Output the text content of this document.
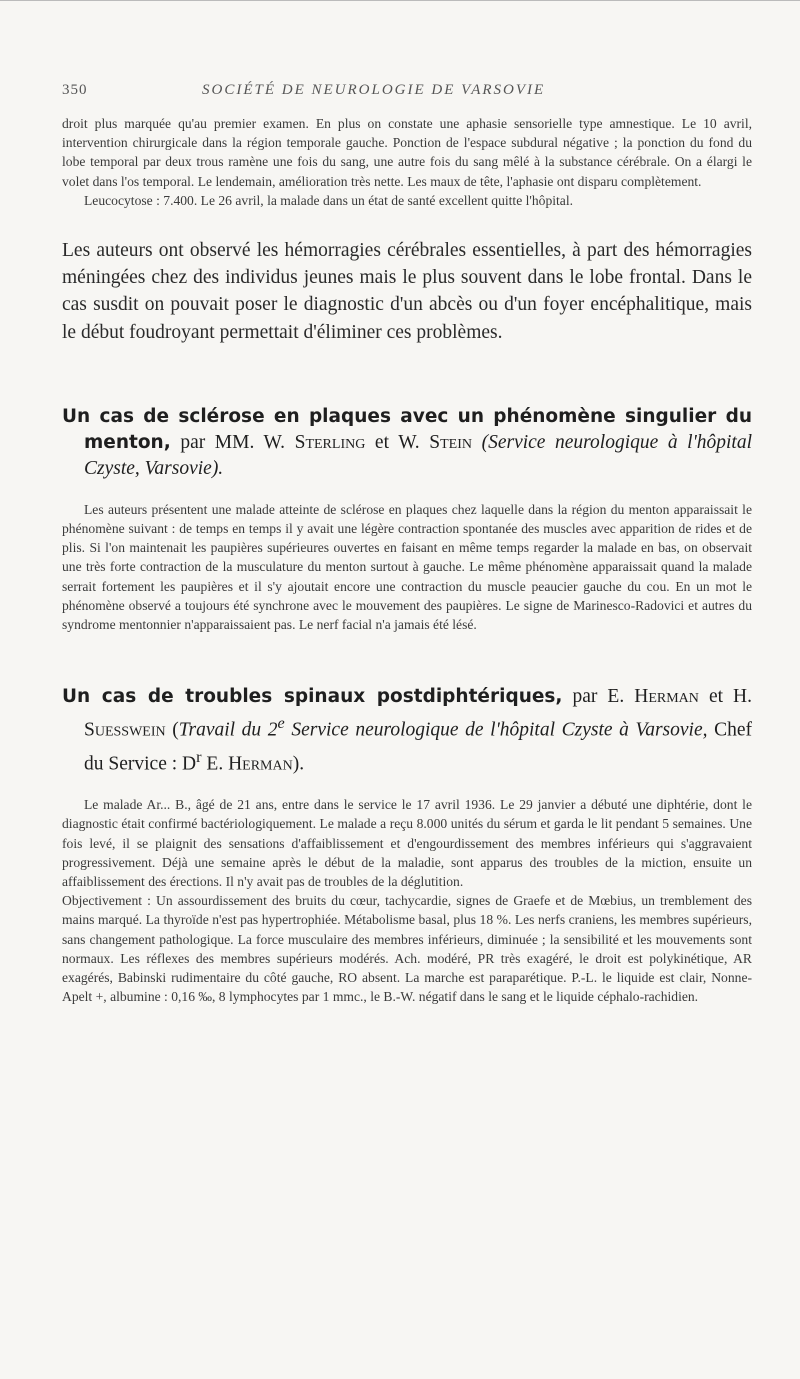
350	SOCIÉTÉ DE NEUROLOGIE DE VARSOVIE

droit plus marquée qu'au premier examen. En plus on constate une aphasie sensorielle type amnestique. Le 10 avril, intervention chirurgicale dans la région temporale gauche. Ponction de l'espace subdural négative ; la ponction du fond du lobe temporal par deux trous ramène une fois du sang, une autre fois du sang mêlé à la substance cérébrale. On a élargi le volet dans l'os temporal. Le lendemain, amélioration très nette. Les maux de tête, l'aphasie ont disparu complètement.

Leucocytose : 7.400. Le 26 avril, la malade dans un état de santé excellent quitte l'hôpital.

Les auteurs ont observé les hémorragies cérébrales essentielles, à part des hémorragies méningées chez des individus jeunes mais le plus souvent dans le lobe frontal. Dans le cas susdit on pouvait poser le diagnostic d'un abcès ou d'un foyer encéphalitique, mais le début foudroyant permettait d'éliminer ces problèmes.

Un cas de sclérose en plaques avec un phénomène singulier du menton, par MM. W. Sterling et W. Stein (Service neurologique à l'hôpital Czyste, Varsovie).

Les auteurs présentent une malade atteinte de sclérose en plaques chez laquelle dans la région du menton apparaissait le phénomène suivant : de temps en temps il y avait une légère contraction spontanée des muscles avec apparition de rides et de plis. Si l'on maintenait les paupières supérieures ouvertes en faisant en même temps regarder la malade en bas, on observait une très forte contraction de la musculature du menton surtout à gauche. Le même phénomène apparaissait quand la malade serrait fortement les paupières et il s'y ajoutait encore une contraction du muscle peaucier gauche du cou. En un mot le phénomène observé a toujours été synchrone avec le mouvement des paupières. Le signe de Marinesco-Radovici et autres du syndrome mentonnier n'apparaissaient pas. Le nerf facial n'a jamais été lésé.

Un cas de troubles spinaux postdiphtériques, par E. Herman et H. Suesswein (Travail du 2e Service neurologique de l'hôpital Czyste à Varsovie, Chef du Service : $D^r$ E. Herman).

Le malade Ar... B., âgé de 21 ans, entre dans le service le 17 avril 1936. Le 29 janvier a débuté une diphtérie, dont le diagnostic était confirmé bactériologiquement. Le malade a reçu 8.000 unités du sérum et garda le lit pendant 5 semaines. Une fois levé, il se plaignit des sensations d'affaiblissement et d'engourdissement des membres inférieurs qui s'aggravaient progressivement. Déjà une semaine après le début de la maladie, sont apparus des troubles de la miction, ensuite un affaiblissement des érections. Il n'y avait pas de troubles de la déglutition.

Objectivement : Un assourdissement des bruits du cœur, tachycardie, signes de Graefe et de Mœbius, un tremblement des mains marqué. La thyroïde n'est pas hypertrophiée. Métabolisme basal, plus 18 %. Les nerfs craniens, les membres supérieurs, sans changement pathologique. La force musculaire des membres inférieurs, diminuée ; la sensibilité et les mouvements sont normaux. Les réflexes des membres supérieurs modérés. Ach. modéré, PR très exagéré, le droit est polykinétique, AR exagérés, Babinski rudimentaire du côté gauche, RO absent. La marche est paraparétique. P.-L. le liquide est clair, Nonne-Apelt +, albumine : 0,16 ‰, 8 lymphocytes par 1 mmc., le B.-W. négatif dans le sang et le liquide céphalo-rachidien.
